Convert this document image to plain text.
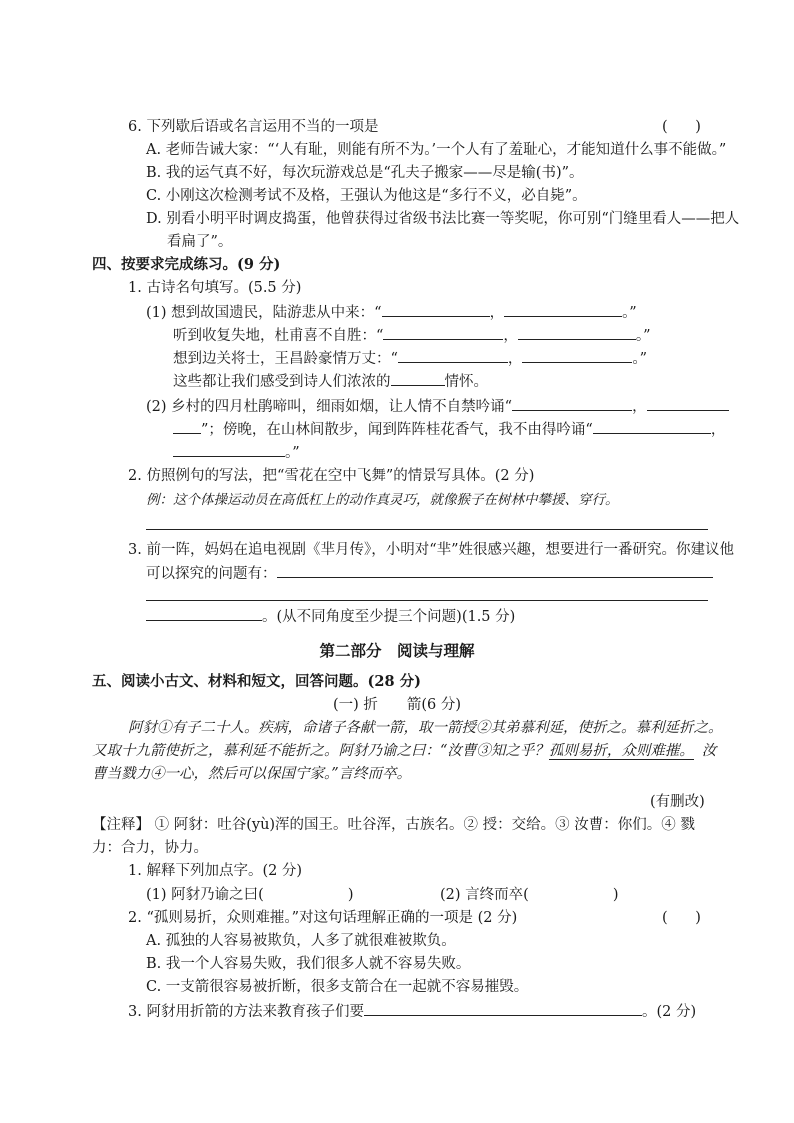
6. 下列歇后语或名言运用不当的一项是	(      )
A. 老师告诫大家：“‘人有耻，则能有所不为。’一个人有了羞耻心，才能知道什么事不能做。”
B. 我的运气真不好，每次玩游戏总是“孔夫子搬家——尽是输(书)”。
C. 小刚这次检测考试不及格，王强认为他这是“多行不义，必自毙”。
D. 别看小明平时调皮捣蛋，他曾获得过省级书法比赛一等奖呢，你可别“门缝里看人——把人
看扁了”。
四、按要求完成练习。(9 分)
1. 古诗名句填写。(5.5 分)
(1) 想到故国遗民，陆游悲从中来：“	，	。”
听到收复失地，杜甫喜不自胜：“	，	。”
想到边关将士，王昌龄豪情万丈：“	，	。”
这些都让我们感受到诗人们浓浓的	情怀。
(2) 乡村的四月杜鹃啼叫，细雨如烟，让人情不自禁吟诵“	，
”；傍晚，在山林间散步，闻到阵阵桂花香气，我不由得吟诵“	，
。”
2. 仿照例句的写法，把“雪花在空中飞舞”的情景写具体。(2 分)
例：这个体操运动员在高低杠上的动作真灵巧，就像猴子在树林中攀援、穿行。
3. 前一阵，妈妈在追电视剧《芈月传》，小明对“芈”姓很感兴趣，想要进行一番研究。你建议他
可以探究的问题有：
。(从不同角度至少提三个问题)(1.5 分)
第二部分　阅读与理解
五、阅读小古文、材料和短文，回答问题。(28 分)
(一) 折　　箭(6 分)
阿豺①有子二十人。疾病，命诸子各献一箭，取一箭授②其弟慕利延，使折之。慕利延折之。
又取十九箭使折之，慕利延不能折之。阿豺乃谕之曰：“汝曹③知之乎？孤则易折，众则难摧。 汝
曹当戮力④一心，然后可以保国宁家。”言终而卒。
(有删改)
【注释】 ① 阿豺：吐谷(yù)浑的国王。吐谷浑，古族名。② 授：交给。③ 汝曹：你们。④ 戮
力：合力，协力。
1. 解释下列加点字。(2 分)
(1) 阿豺乃谕之曰(	)	(2) 言终而卒(	)
2. “孤则易折，众则难摧。”对这句话理解正确的一项是 (2 分)	(      )
A. 孤独的人容易被欺负，人多了就很难被欺负。
B. 我一个人容易失败，我们很多人就不容易失败。
C. 一支箭很容易被折断，很多支箭合在一起就不容易摧毁。
3. 阿豺用折箭的方法来教育孩子们要	。(2 分)
